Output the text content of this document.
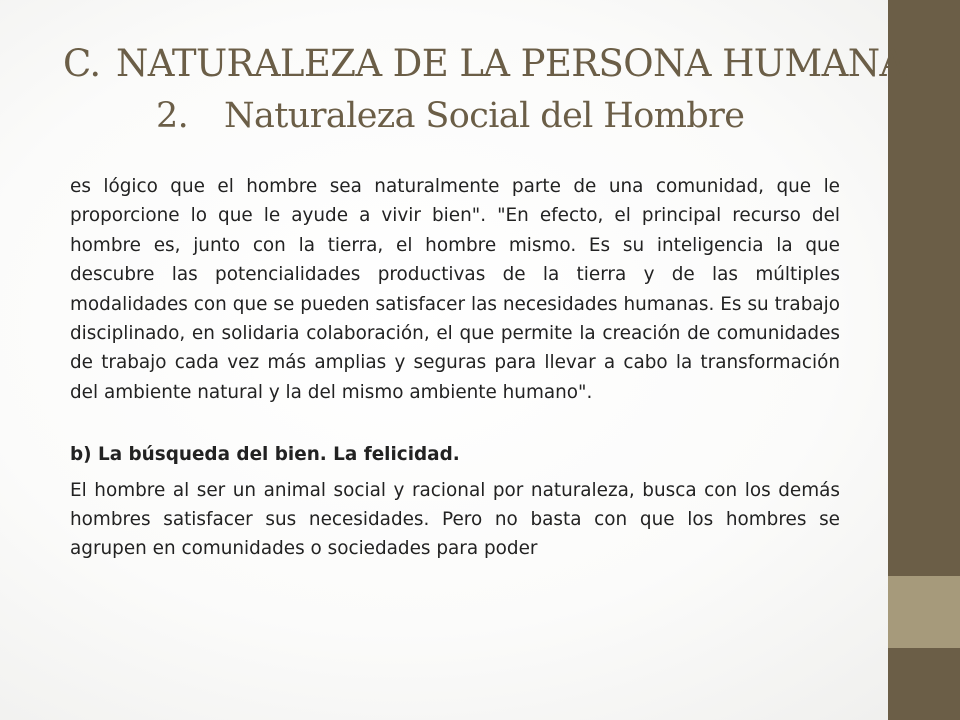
C. NATURALEZA DE LA PERSONA HUMANA
2. Naturaleza Social del Hombre

es lógico que el hombre sea naturalmente parte de una comunidad, que le proporcione lo que le ayude a vivir bien". "En efecto, el principal recurso del hombre es, junto con la tierra, el hombre mismo. Es su inteligencia la que descubre las potencialidades productivas de la tierra y de las múltiples modalidades con que se pueden satisfacer las necesidades humanas. Es su trabajo disciplinado, en solidaria colaboración, el que permite la creación de comunidades de trabajo cada vez más amplias y seguras para llevar a cabo la transformación del ambiente natural y la del mismo ambiente humano".

b) La búsqueda del bien. La felicidad.

El hombre al ser un animal social y racional por naturaleza, busca con los demás hombres satisfacer sus necesidades. Pero no basta con que los hombres se agrupen en comunidades o sociedades para poder
